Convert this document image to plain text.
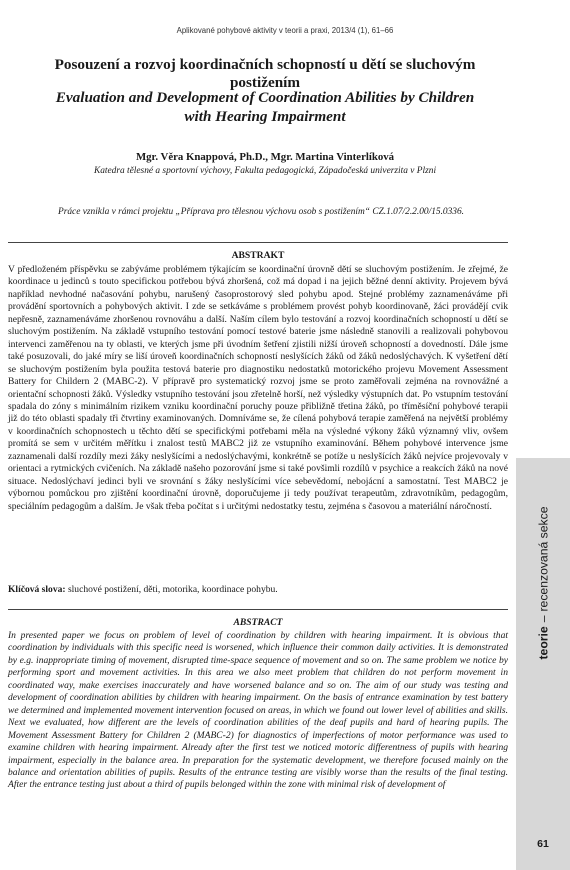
Aplikované pohybové aktivity v teorii a praxi, 2013/4 (1), 61–66
Posouzení a rozvoj koordinačních schopností u dětí se sluchovým postižením
Evaluation and Development of Coordination Abilities by Children
with Hearing Impairment
Mgr. Věra Knappová, Ph.D., Mgr. Martina Vinterlíková
Katedra tělesné a sportovní výchovy, Fakulta pedagogická, Západočeská univerzita v Plzni
Práce vznikla v rámci projektu „Příprava pro tělesnou výchovu osob s postižením“ CZ.1.07/2.2.00/15.0336.
ABSTRAKT
V předloženém příspěvku se zabýváme problémem týkajícím se koordinační úrovně dětí se sluchovým postižením. Je zřejmé, že koordinace u jedinců s touto specifickou potřebou bývá zhoršená, což má dopad i na jejich běžné denní aktivity. Projevem bývá například nevhodné načasování pohybu, narušený časoprostorový sled pohybu apod. Stejné problémy zaznamenáváme při provádění sportovních a pohybových aktivit. I zde se setkáváme s problémem provést pohyb koordinovaně, žáci provádějí cvik nepřesně, zaznamenáváme zhoršenou rovnováhu a další. Naším cílem bylo testování a rozvoj koordinačních schopností u dětí se sluchovým postižením. Na základě vstupního testování pomocí testové baterie jsme následně stanovili a realizovali pohybovou intervenci zaměřenou na ty oblasti, ve kterých jsme při úvodním šetření zjistili nižší úroveň schopností a dovedností. Dále jsme také posuzovali, do jaké míry se liší úroveň koordinačních schopností neslyšících žáků od žáků nedoslýchavých. K vyšetření dětí se sluchovým postižením byla použita testová baterie pro diagnostiku nedostatků motorického projevu Movement Assessment Battery for Childern 2 (MABC-2). V přípravě pro systematický rozvoj jsme se proto zaměřovali zejména na rovnovážné a orientační schopnosti žáků. Výsledky vstupního testování jsou zřetelně horší, než výsledky výstupních dat. Po vstupním testování spadala do zóny s minimálním rizikem vzniku koordinační poruchy pouze přibližně třetina žáků, po tříměsíční pohybové terapii již do této oblasti spadaly tři čtvrtiny examinovaných. Domníváme se, že cílená pohybová terapie zaměřená na největší problémy v koordinačních schopnostech u těchto dětí se specifickými potřebami měla na výsledné výkony žáků významný vliv, ovšem promítá se sem v určitém měřítku i znalost testů MABC2 již ze vstupního examinování. Během pohybové intervence jsme zaznamenali další rozdíly mezi žáky neslyšícími a nedoslýchavými, konkrétně se potíže u neslyšících žáků nejvíce projevovaly v orientaci a rytmických cvičeních. Na základě našeho pozorování jsme si také povšimli rozdílů v psychice a reakcích žáků na nové situace. Nedoslýchaví jedinci byli ve srovnání s žáky neslyšícími více sebevědomí, nebojácní a samostatní. Test MABC2 je výbornou pomůckou pro zjištění koordinační úrovně, doporučujeme ji tedy používat terapeutům, zdravotníkům, pedagogům, speciálním pedagogům a dalším. Je však třeba počítat s i určitými nedostatky testu, zejména s časovou a materiální náročností.
Klíčová slova: sluchové postižení, děti, motorika, koordinace pohybu.
ABSTRACT
In presented paper we focus on problem of level of coordination by children with hearing impairment. It is obvious that coordination by individuals with this specific need is worsened, which influence their common daily activities. It is demonstrated by e.g. inappropriate timing of movement, disrupted time-space sequence of movement and so on. The same problem we notice by performing sport and movement activities. In this area we also meet problem that children do not perform movement in coordinated way, make exercises inaccurately and have worsened balance and so on. The aim of our study was testing and development of coordination abilities by children with hearing impairment. On the basis of entrance examination by test battery we determined and implemented movement intervention focused on areas, in which we found out lower level of abilities and skills. Next we evaluated, how different are the levels of coordination abilities of the deaf pupils and hard of hearing pupils. The Movement Assessment Battery for Children 2 (MABC-2) for diagnostics of imperfections of motor performance was used to examine children with hearing impairment. Already after the first test we noticed motoric differentness of pupils with hearing impairment, especially in the balance area. In preparation for the systematic development, we therefore focused mainly on the balance and orientation abilities of pupils. Results of the entrance testing are visibly worse than the results of the final testing. After the entrance testing just about a third of pupils belonged within the zone with minimal risk of development of
teorie–recenzovaná sekce
61
